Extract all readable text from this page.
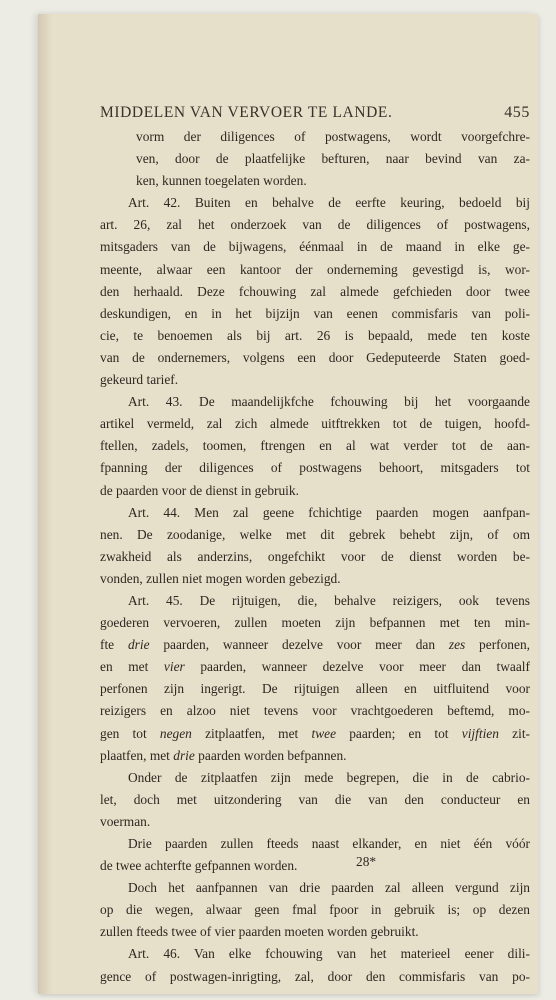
MIDDELEN VAN VERVOER TE LANDE.	455
vorm der diligences of postwagens, wordt voorgefchre-
ven, door de plaatfelijke befturen, naar bevind van za-
ken, kunnen toegelaten worden.
Art. 42. Buiten en behalve de eerfte keuring, bedoeld bij
art. 26, zal het onderzoek van de diligences of postwagens,
mitsgaders van de bijwagens, éénmaal in de maand in elke ge-
meente, alwaar een kantoor der onderneming gevestigd is, wor-
den herhaald. Deze fchouwing zal almede gefchieden door twee
deskundigen, en in het bijzijn van eenen commisfaris van poli-
cie, te benoemen als bij art. 26 is bepaald, mede ten koste
van de ondernemers, volgens een door Gedeputeerde Staten goed-
gekeurd tarief.
Art. 43. De maandelijkfche fchouwing bij het voorgaande
artikel vermeld, zal zich almede uitftrekken tot de tuigen, hoofd-
ftellen, zadels, toomen, ftrengen en al wat verder tot de aan-
fpanning der diligences of postwagens behoort, mitsgaders tot
de paarden voor de dienst in gebruik.
Art. 44. Men zal geene fchichtige paarden mogen aanfpan-
nen. De zoodanige, welke met dit gebrek behebt zijn, of om
zwakheid als anderzins, ongefchikt voor de dienst worden be-
vonden, zullen niet mogen worden gebezigd.
Art. 45. De rijtuigen, die, behalve reizigers, ook tevens
goederen vervoeren, zullen moeten zijn befpannen met ten min-
fte drie paarden, wanneer dezelve voor meer dan zes perfonen,
en met vier paarden, wanneer dezelve voor meer dan twaalf
perfonen zijn ingerigt. De rijtuigen alleen en uitfluitend voor
reizigers en alzoo niet tevens voor vrachtgoederen beftemd, mo-
gen tot negen zitplaatfen, met twee paarden; en tot vijftien zit-
plaatfen, met drie paarden worden befpannen.
Onder de zitplaatfen zijn mede begrepen, die in de cabrio-
let, doch met uitzondering van die van den conducteur en
voerman.
Drie paarden zullen fteeds naast elkander, en niet één vóór
de twee achterfte gefpannen worden.
Doch het aanfpannen van drie paarden zal alleen vergund zijn
op die wegen, alwaar geen fmal fpoor in gebruik is; op dezen
zullen fteeds twee of vier paarden moeten worden gebruikt.
Art. 46. Van elke fchouwing van het materieel eener dili-
gence of postwagen-inrigting, zal, door den commisfaris van po-
28*
